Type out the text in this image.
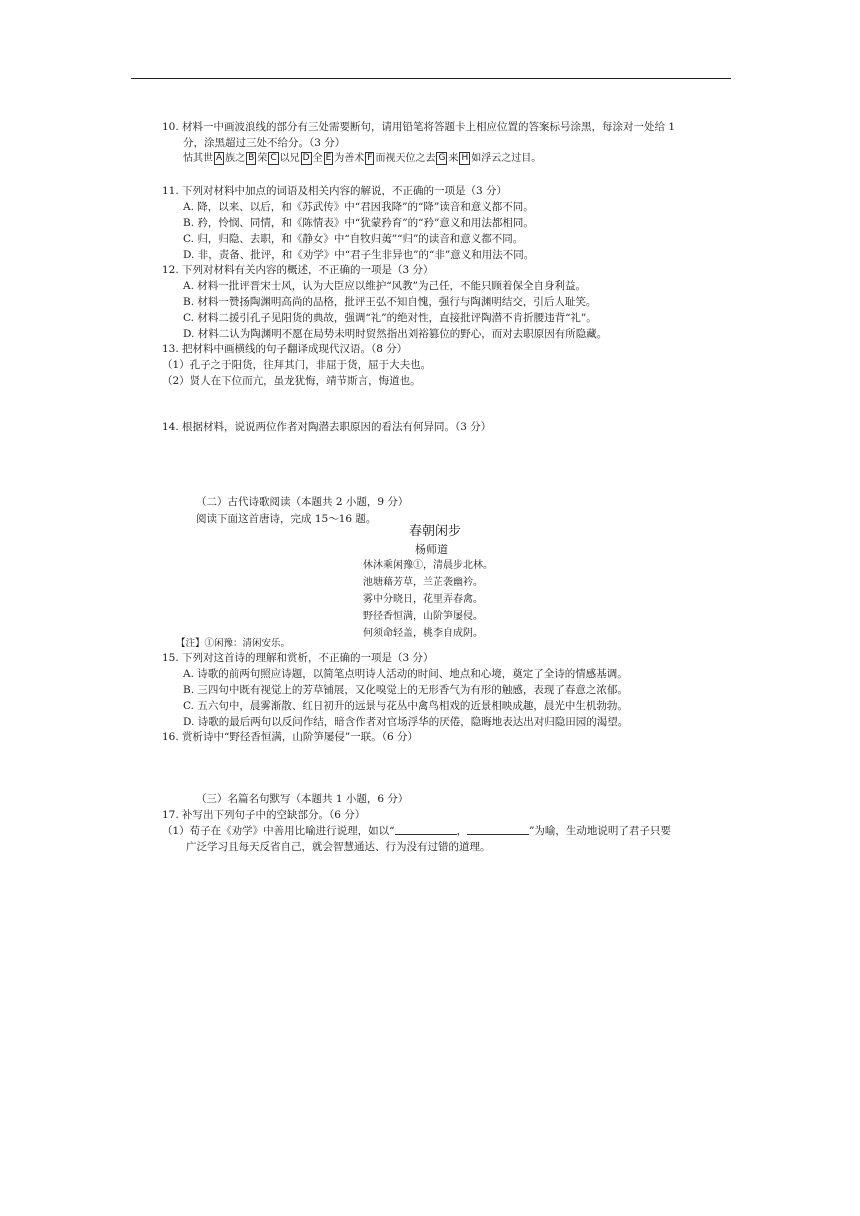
10. 材料一中画波浪线的部分有三处需要断句，请用铅笔将答题卡上相应位置的答案标号涂黑，每涂对一处给 1
分，涂黑超过三处不给分。（3 分）
怙其世 A 族之 B 荣 C 以兄 D 全 E 为善术 F 而视天位之去 G 来 H 如浮云之过目。
11. 下列对材料中加点的词语及相关内容的解说，不正确的一项是（3 分）
A. 降，以来、以后，和《苏武传》中“君因我降”的“降”读音和意义都不同。
B. 矜，怜悯、同情，和《陈情表》中“犹蒙矜育”的“矜”意义和用法都相同。
C. 归，归隐、去职，和《静女》中“自牧归荑”“归”的读音和意义都不同。
D. 非，责备、批评，和《劝学》中“君子生非异也”的“非”意义和用法不同。
12. 下列对材料有关内容的概述，不正确的一项是（3 分）
A. 材料一批评晋宋士风，认为大臣应以维护“风教”为己任，不能只顾着保全自身利益。
B. 材料一赞扬陶渊明高尚的品格，批评王弘不知自愧，强行与陶渊明结交，引后人耻笑。
C. 材料二援引孔子见阳货的典故，强调“礼”的绝对性，直接批评陶潜不肯折腰违背“礼”。
D. 材料二认为陶渊明不愿在局势未明时贸然指出刘裕篡位的野心，而对去职原因有所隐藏。
13. 把材料中画横线的句子翻译成现代汉语。（8 分）
（1）孔子之于阳货，往拜其门，非屈于货，屈于大夫也。
（2）贤人在下位而亢，虽龙犹悔，靖节斯言，悔道也。
14. 根据材料，说说两位作者对陶潜去职原因的看法有何异同。（3 分）
（二）古代诗歌阅读（本题共 2 小题，9 分）
阅读下面这首唐诗，完成 15～16 题。
春朝闲步
杨师道
休沐乘闲豫①，清晨步北林。
池塘藉芳草，兰芷袭幽衿。
雾中分晓日，花里弄春禽。
野径香恒满，山阶笋屡侵。
何须命轻盖，桃李自成阴。
【注】①闲豫：清闲安乐。
15. 下列对这首诗的理解和赏析，不正确的一项是（3 分）
A. 诗歌的前两句照应诗题，以简笔点明诗人活动的时间、地点和心境，奠定了全诗的情感基调。
B. 三四句中既有视觉上的芳草铺展，又化嗅觉上的无形香气为有形的触感，表现了春意之浓郁。
C. 五六句中，晨雾渐散、红日初升的远景与花丛中禽鸟相戏的近景相映成趣，晨光中生机勃勃。
D. 诗歌的最后两句以反问作结，暗含作者对官场浮华的厌倦，隐晦地表达出对归隐田园的渴望。
16. 赏析诗中“野径香恒满，山阶笋屡侵”一联。（6 分）
（三）名篇名句默写（本题共 1 小题，6 分）
17. 补写出下列句子中的空缺部分。（6 分）
（1）荀子在《劝学》中善用比喻进行说理，如以“	，	”为喻，生动地说明了君子只要
广泛学习且每天反省自己，就会智慧通达、行为没有过错的道理。
